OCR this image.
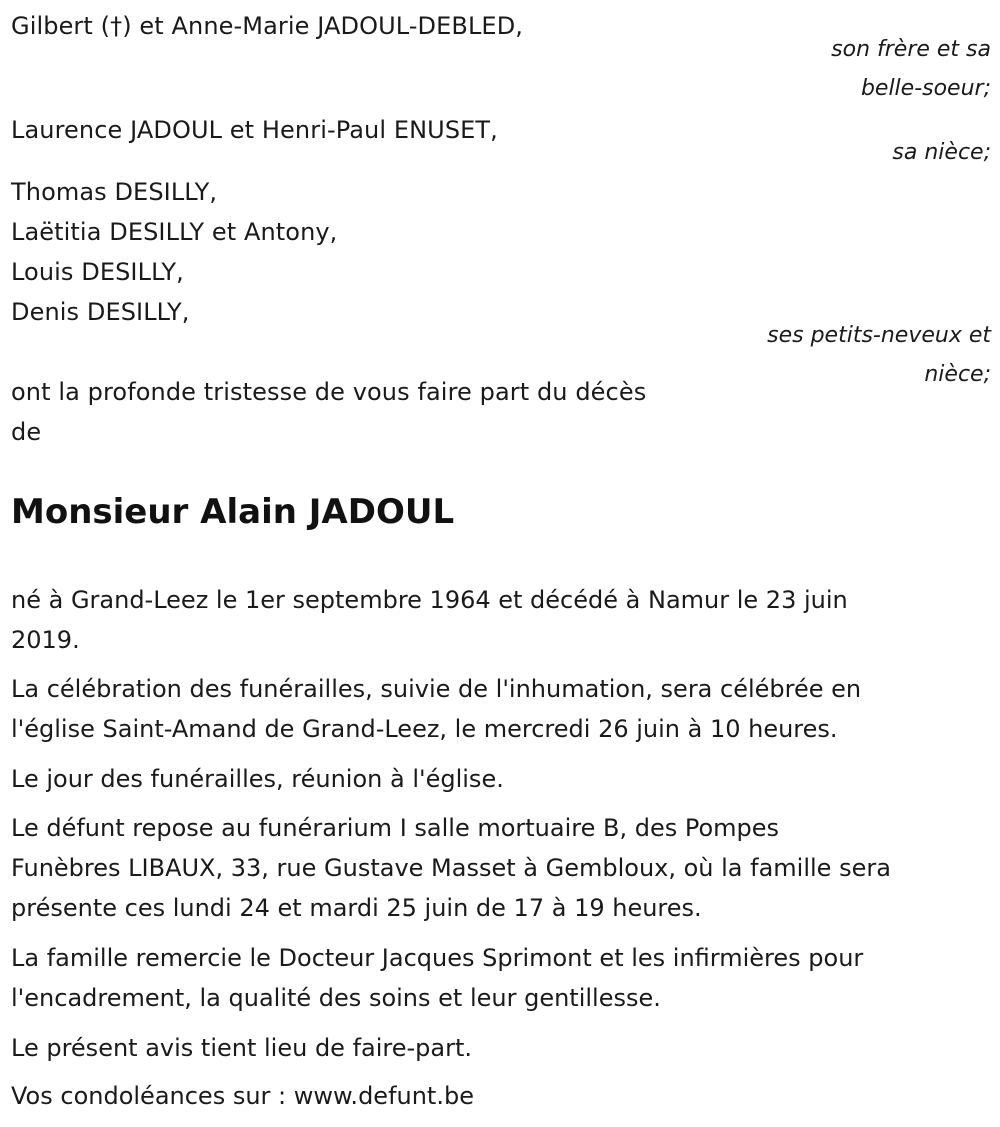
Gilbert (†) et Anne-Marie JADOUL-DEBLED,
son frère et sa
belle-soeur;
Laurence JADOUL et Henri-Paul ENUSET,
sa nièce;
Thomas DESILLY,
Laëtitia DESILLY et Antony,
Louis DESILLY,
Denis DESILLY,
ses petits-neveux et
nièce;
ont la profonde tristesse de vous faire part du décès
de
Monsieur Alain JADOUL
né à Grand-Leez le 1er septembre 1964 et décédé à Namur le 23 juin
2019.
La célébration des funérailles, suivie de l'inhumation, sera célébrée en
l'église Saint-Amand de Grand-Leez, le mercredi 26 juin à 10 heures.
Le jour des funérailles, réunion à l'église.
Le défunt repose au funérarium I salle mortuaire B, des Pompes
Funèbres LIBAUX, 33, rue Gustave Masset à Gembloux, où la famille sera
présente ces lundi 24 et mardi 25 juin de 17 à 19 heures.
La famille remercie le Docteur Jacques Sprimont et les infirmières pour
l'encadrement, la qualité des soins et leur gentillesse.
Le présent avis tient lieu de faire-part.
Vos condoléances sur : www.defunt.be
